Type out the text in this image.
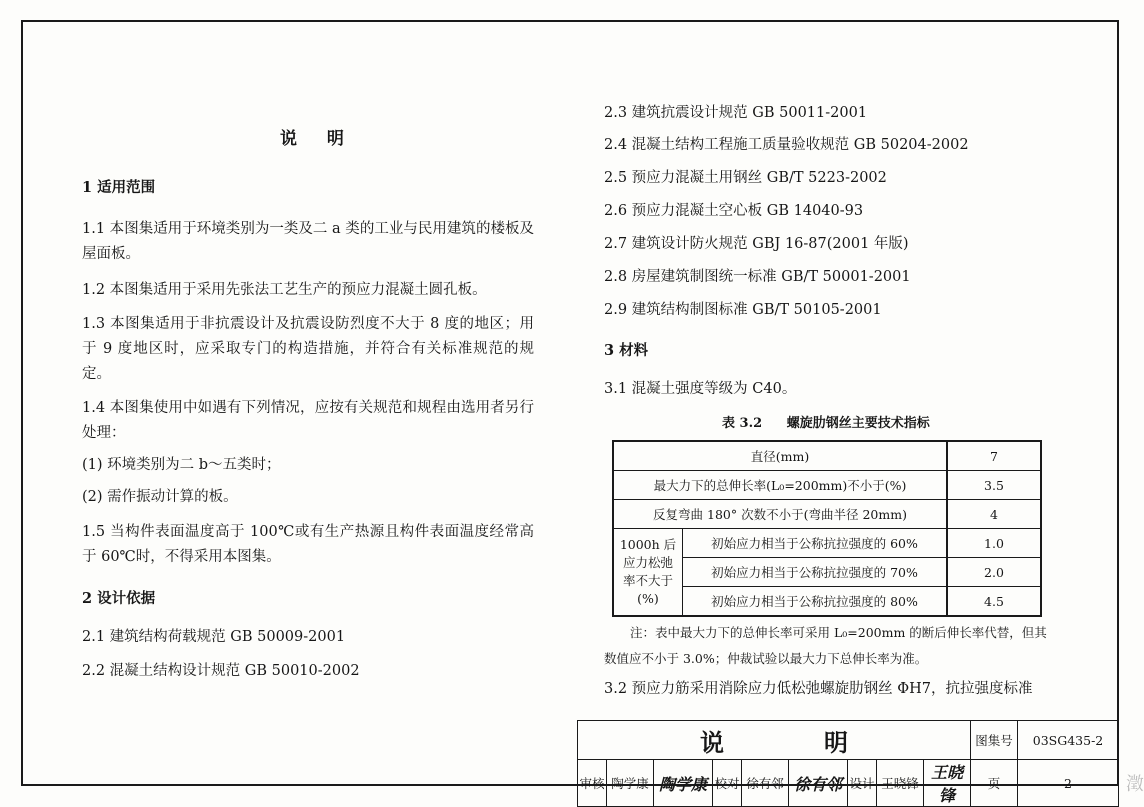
说 明
1 适用范围
1.1 本图集适用于环境类别为一类及二 a 类的工业与民用建筑的楼板及屋面板。
1.2 本图集适用于采用先张法工艺生产的预应力混凝土圆孔板。
1.3 本图集适用于非抗震设计及抗震设防烈度不大于 8 度的地区；用于 9 度地区时，应采取专门的构造措施，并符合有关标准规范的规定。
1.4 本图集使用中如遇有下列情况，应按有关规范和规程由选用者另行处理：
(1) 环境类别为二 b～五类时；
(2) 需作振动计算的板。
1.5 当构件表面温度高于 100℃或有生产热源且构件表面温度经常高于 60℃时，不得采用本图集。
2 设计依据
2.1 建筑结构荷载规范 GB 50009-2001
2.2 混凝土结构设计规范 GB 50010-2002
2.3 建筑抗震设计规范 GB 50011-2001
2.4 混凝土结构工程施工质量验收规范 GB 50204-2002
2.5 预应力混凝土用钢丝 GB/T 5223-2002
2.6 预应力混凝土空心板 GB 14040-93
2.7 建筑设计防火规范 GBJ 16-87(2001 年版)
2.8 房屋建筑制图统一标准 GB/T 50001-2001
2.9 建筑结构制图标准 GB/T 50105-2001
3 材料
3.1 混凝土强度等级为 C40。
表 3.2 螺旋肋钢丝主要技术指标
直径(mm)		7
最大力下的总伸长率(L₀=200mm)不小于(%)		3.5
反复弯曲 180° 次数不小于(弯曲半径 20mm)		4
1000h 后应力松弛率不大于(%)	初始应力相当于公称抗拉强度的 60%	1.0
	初始应力相当于公称抗拉强度的 70%	2.0
	初始应力相当于公称抗拉强度的 80%	4.5
注：表中最大力下的总伸长率可采用 L₀=200mm 的断后伸长率代替，但其
数值应不小于 3.0%；仲裁试验以最大力下总伸长率为准。
3.2 预应力筋采用消除应力低松弛螺旋肋钢丝 ΦH7，抗拉强度标准
说明									图集号	03SG435-2
审核	陶学康	陶学康	校对	徐有邻	徐有邻	设计	王晓锋	王晓锋	页	2	澂
